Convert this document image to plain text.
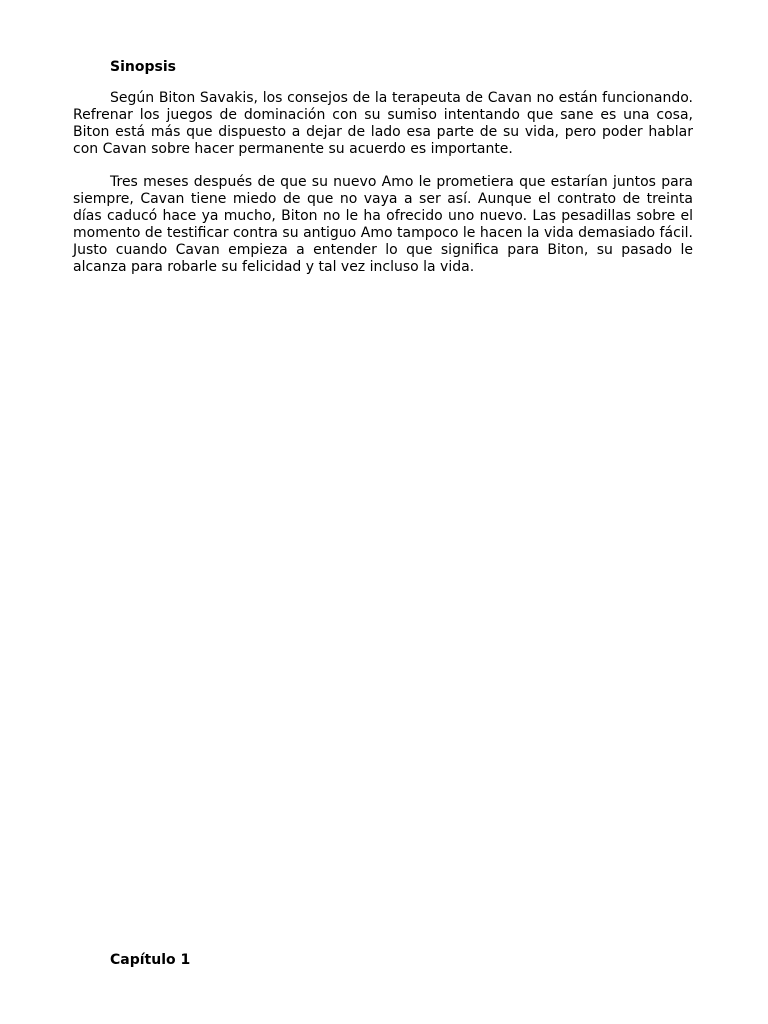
Sinopsis

Según Biton Savakis, los consejos de la terapeuta de Cavan no están funcionando. Refrenar los juegos de dominación con su sumiso intentando que sane es una cosa, Biton está más que dispuesto a dejar de lado esa parte de su vida, pero poder hablar con Cavan sobre hacer permanente su acuerdo es importante.

Tres meses después de que su nuevo Amo le prometiera que estarían juntos para siempre, Cavan tiene miedo de que no vaya a ser así. Aunque el contrato de treinta días caducó hace ya mucho, Biton no le ha ofrecido uno nuevo. Las pesadillas sobre el momento de testificar contra su antiguo Amo tampoco le hacen la vida demasiado fácil. Justo cuando Cavan empieza a entender lo que significa para Biton, su pasado le alcanza para robarle su felicidad y tal vez incluso la vida.

Capítulo 1
